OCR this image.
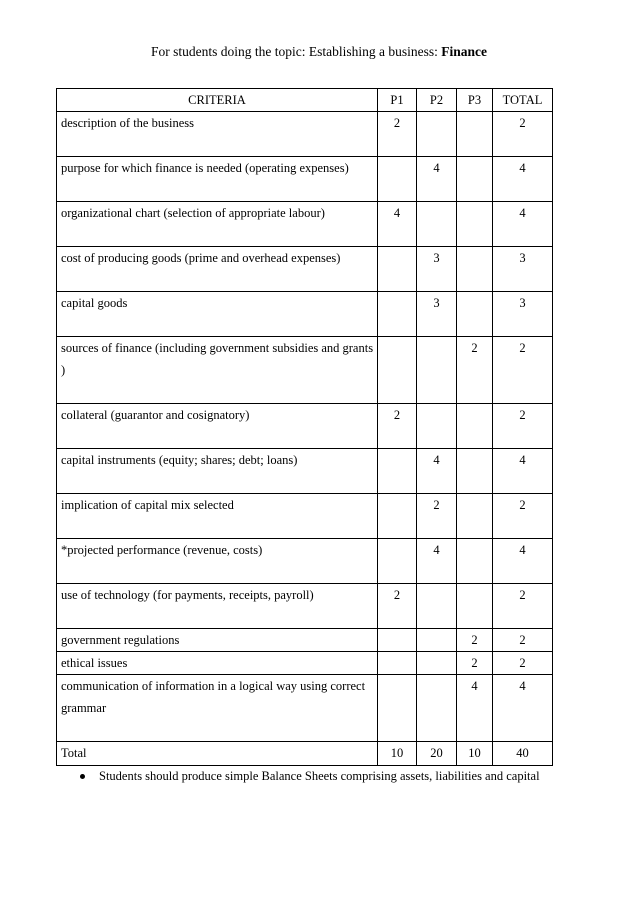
For students doing the topic: Establishing a business: Finance
CRITERIA	P1	P2	P3	TOTAL
description of the business	2			2
purpose for which finance is needed (operating expenses)		4		4
organizational chart (selection of appropriate labour)	4			4
cost of producing goods (prime and overhead expenses)		3		3
capital goods		3		3
sources of finance (including government subsidies and grants )			2	2
collateral (guarantor and cosignatory)	2			2
capital instruments (equity; shares; debt; loans)		4		4
implication of capital mix selected		2		2
*projected performance (revenue, costs)		4		4
use of technology (for payments, receipts, payroll)	2			2
government regulations			2	2
ethical issues			2	2
communication of information in a logical way using correct grammar			4	4
Total	10	20	10	40
Students should produce simple Balance Sheets comprising assets, liabilities and capital
